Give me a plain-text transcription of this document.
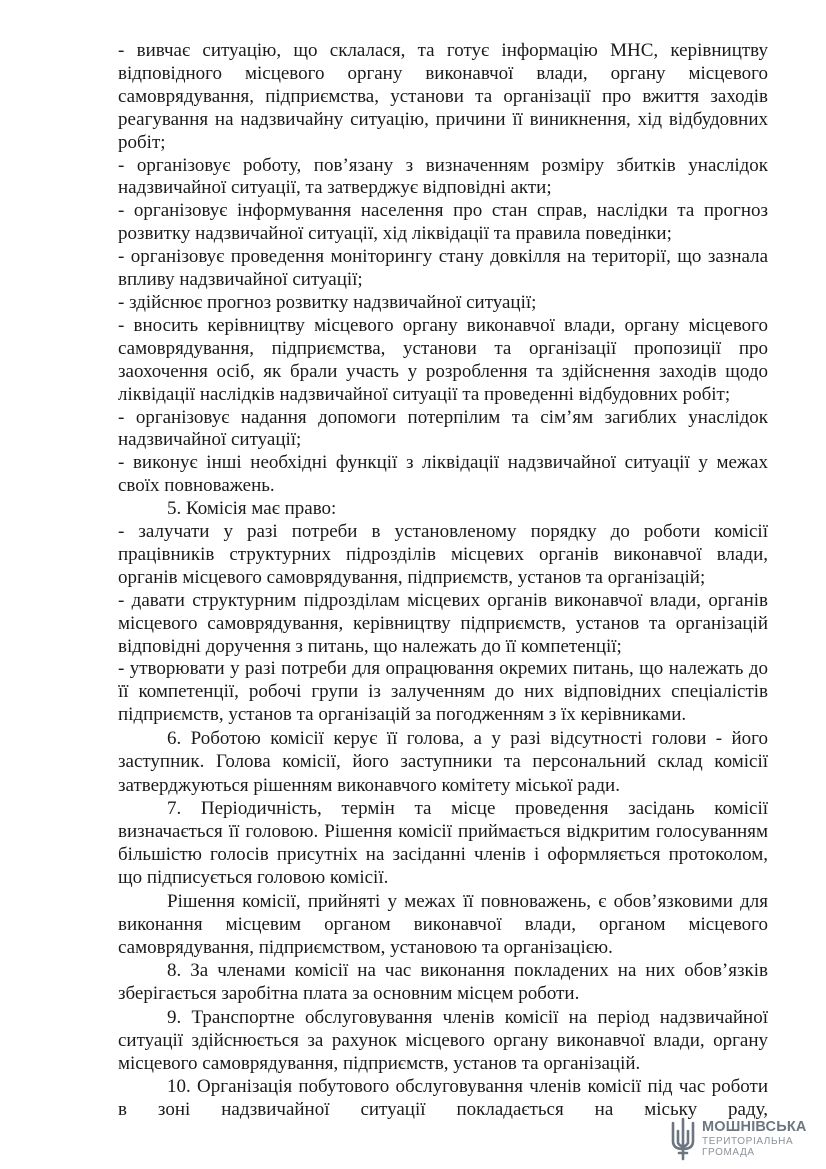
- вивчає ситуацію, що склалася, та готує інформацію МНС, керівництву відповідного місцевого органу виконавчої влади, органу місцевого самоврядування, підприємства, установи та організації про вжиття заходів реагування на надзвичайну ситуацію, причини її виникнення, хід відбудовних робіт;

- організовує роботу, пов’язану з визначенням розміру збитків унаслідок надзвичайної ситуації, та затверджує відповідні акти;

- організовує інформування населення про стан справ, наслідки та прогноз розвитку надзвичайної ситуації, хід ліквідації та правила поведінки;

- організовує проведення моніторингу стану довкілля на території, що зазнала впливу надзвичайної ситуації;

- здійснює прогноз розвитку надзвичайної ситуації;

- вносить керівництву місцевого органу виконавчої влади, органу місцевого самоврядування, підприємства, установи та організації пропозиції про заохочення осіб, як брали участь у розроблення та здійснення заходів щодо ліквідації наслідків надзвичайної ситуації та проведенні відбудовних робіт;

- організовує надання допомоги потерпілим та сім’ям загиблих унаслідок надзвичайної ситуації;

- виконує інші необхідні функції з ліквідації надзвичайної ситуації у межах своїх повноважень.

5. Комісія має право:

- залучати у разі потреби в установленому порядку до роботи комісії працівників структурних підрозділів місцевих органів виконавчої влади, органів місцевого самоврядування, підприємств, установ та організацій;

- давати структурним підрозділам місцевих органів виконавчої влади, органів місцевого самоврядування, керівництву підприємств, установ та організацій відповідні доручення з питань, що належать до її компетенції;

- утворювати у разі потреби для опрацювання окремих питань, що належать до її компетенції, робочі групи із залученням до них відповідних спеціалістів підприємств, установ та організацій за погодженням з їх керівниками.

6. Роботою комісії керує її голова, а у разі відсутності голови - його заступник. Голова комісії, його заступники та персональний склад комісії затверджуються рішенням виконавчого комітету міської ради.

7. Періодичність, термін та місце проведення засідань комісії визначається її головою. Рішення комісії приймається відкритим голосуванням більшістю голосів присутніх на засіданні членів і оформляється протоколом, що підписується головою комісії.

Рішення комісії, прийняті у межах її повноважень, є обов’язковими для виконання місцевим органом виконавчої влади, органом місцевого самоврядування, підприємством, установою та організацією.

8. За членами комісії на час виконання покладених на них обов’язків зберігається заробітна плата за основним місцем роботи.

9. Транспортне обслуговування членів комісії на період надзвичайної ситуації здійснюється за рахунок місцевого органу виконавчої влади, органу місцевого самоврядування, підприємств, установ та організацій.

10. Організація побутового обслуговування членів комісії під час роботи в зоні надзвичайної ситуації покладається на міську раду,

МОШНІВСЬКА
ТЕРИТОРІАЛЬНА
ГРОМАДА
